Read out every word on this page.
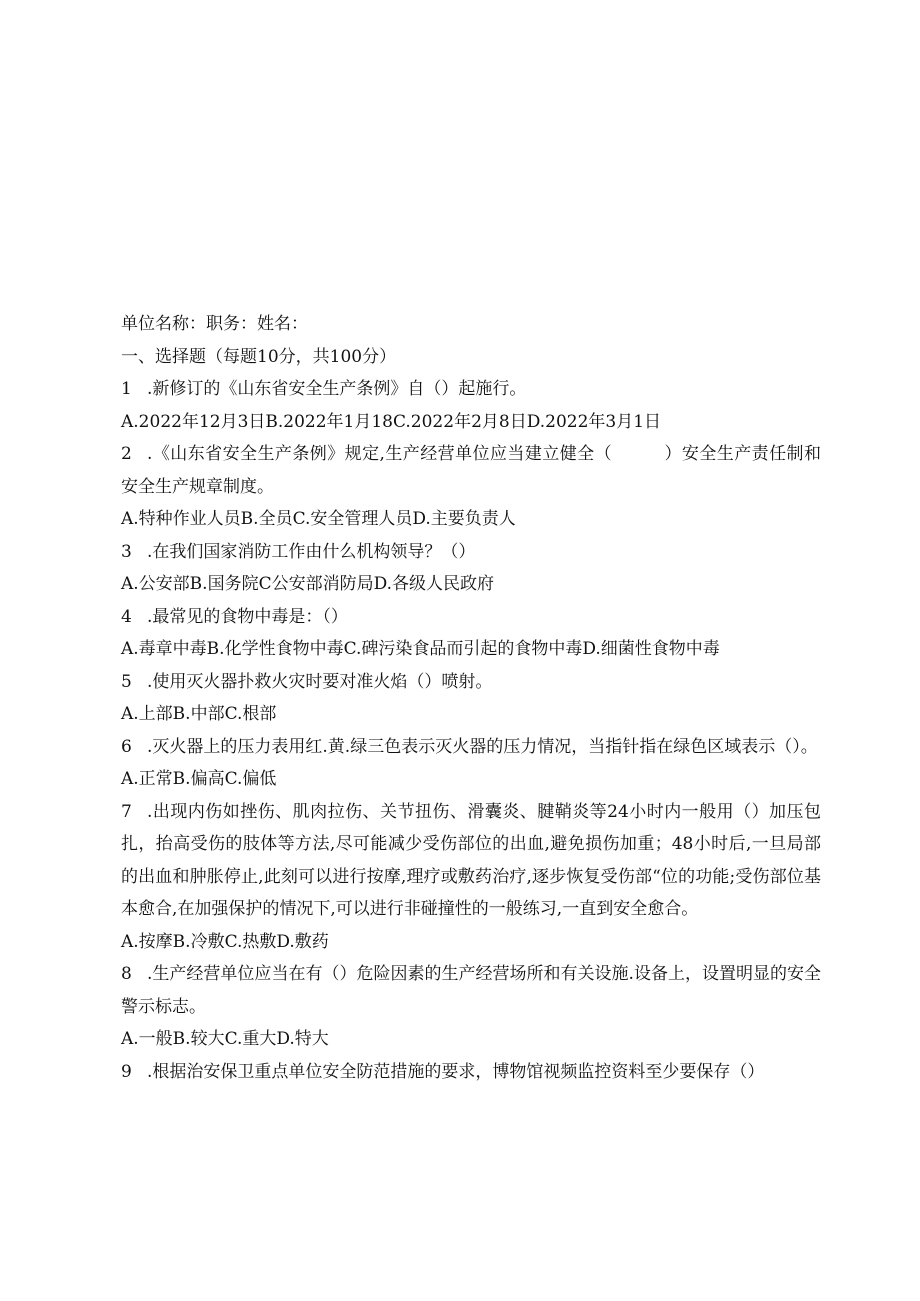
单位名称：职务：姓名：
一、选择题（每题10分，共100分）
1 .新修订的《山东省安全生产条例》自（）起施行。
A.2022年12月3日B.2022年1月18C.2022年2月8日D.2022年3月1日
2 .《山东省安全生产条例》规定,生产经营单位应当建立健全（	）安全生产责任制和安全生产规章制度。
A.特种作业人员B.全员C.安全管理人员D.主要负责人
3 .在我们国家消防工作由什么机构领导？（）
A.公安部B.国务院C公安部消防局D.各级人民政府
4 .最常见的食物中毒是：（）
A.毒章中毒B.化学性食物中毒C.碑污染食品而引起的食物中毒D.细菌性食物中毒
5 .使用灭火器扑救火灾时要对准火焰（）喷射。
A.上部B.中部C.根部
6 .灭火器上的压力表用红.黄.绿三色表示灭火器的压力情况，当指针指在绿色区域表示（）。
A.正常B.偏高C.偏低
7 .出现内伤如挫伤、肌肉拉伤、关节扭伤、滑囊炎、腱鞘炎等24小时内一般用（）加压包扎，抬高受伤的肢体等方法,尽可能减少受伤部位的出血,避免损伤加重；48小时后,一旦局部的出血和肿胀停止,此刻可以进行按摩,理疗或敷药治疗,逐步恢复受伤部“位的功能;受伤部位基本愈合,在加强保护的情况下,可以进行非碰撞性的一般练习,一直到安全愈合。
A.按摩B.冷敷C.热敷D.敷药
8 .生产经营单位应当在有（）危险因素的生产经营场所和有关设施.设备上，设置明显的安全警示标志。
A.一般B.较大C.重大D.特大
9 .根据治安保卫重点单位安全防范措施的要求，博物馆视频监控资料至少要保存（）
